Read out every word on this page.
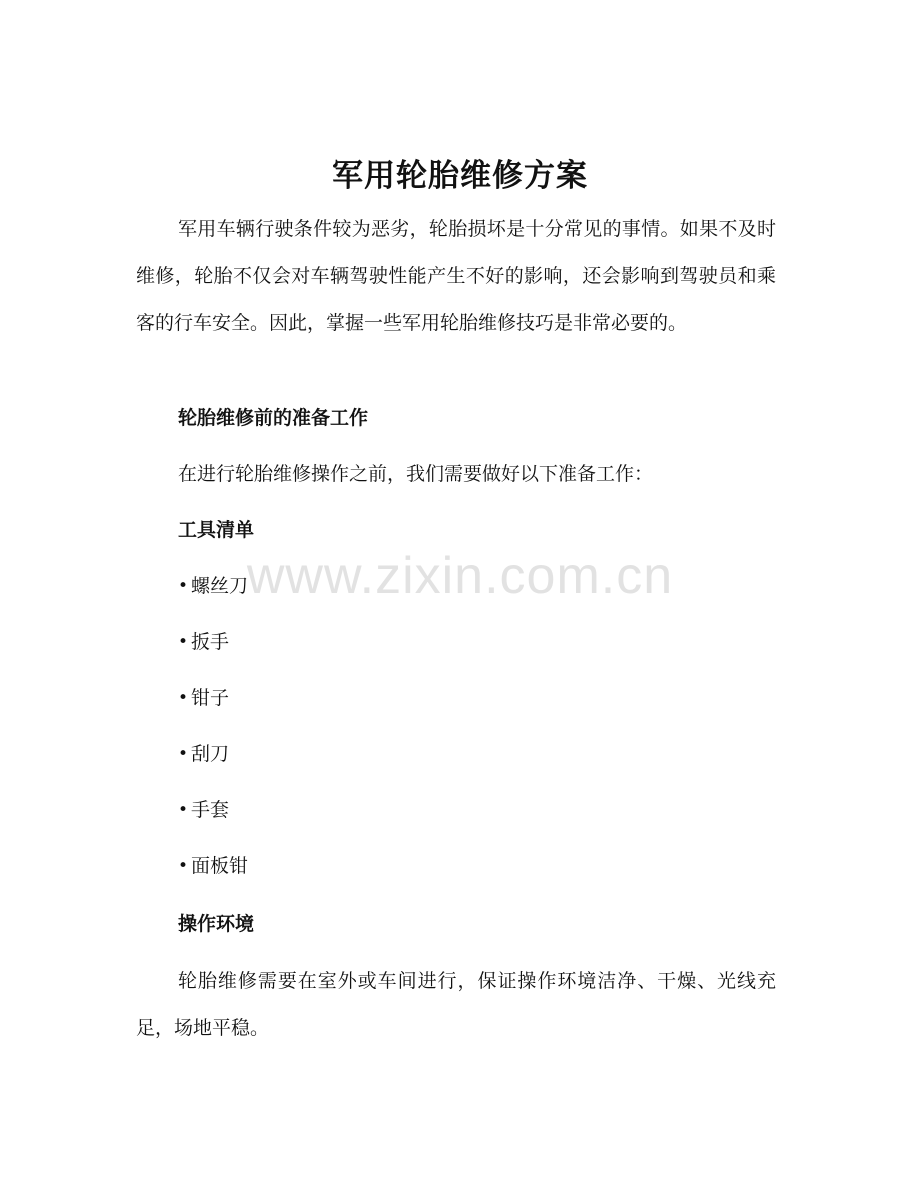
军用轮胎维修方案

军用车辆行驶条件较为恶劣，轮胎损坏是十分常见的事情。如果不及时维修，轮胎不仅会对车辆驾驶性能产生不好的影响，还会影响到驾驶员和乘客的行车安全。因此，掌握一些军用轮胎维修技巧是非常必要的。

轮胎维修前的准备工作

在进行轮胎维修操作之前，我们需要做好以下准备工作：

工具清单

• 螺丝刀
• 扳手
• 钳子
• 刮刀
• 手套
• 面板钳

操作环境

轮胎维修需要在室外或车间进行，保证操作环境洁净、干燥、光线充足，场地平稳。

www.zixin.com.cn
